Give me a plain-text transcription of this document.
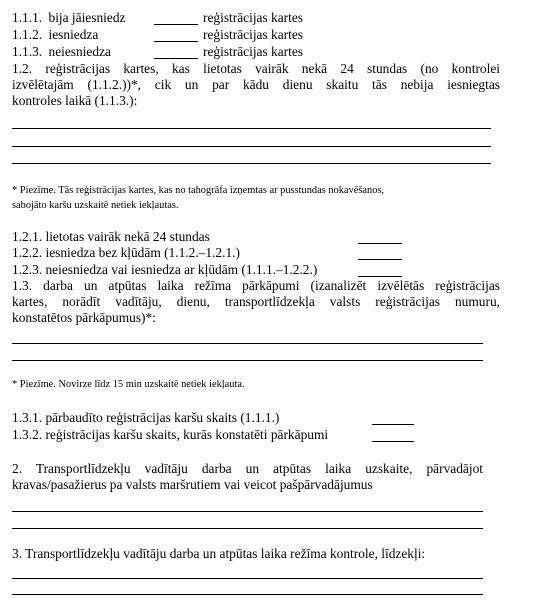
1.1.1. bija jāiesniedz	reģistrācijas kartes
1.1.2. iesniedza	reģistrācijas kartes
1.1.3. neiesniedza	reģistrācijas kartes
1.2. reģistrācijas kartes, kas lietotas vairāk nekā 24 stundas (no kontrolei
izvēlētajām (1.1.2.))*, cik un par kādu dienu skaitu tās nebija iesniegtas
kontroles laikā (1.1.3.):
* Piezīme. Tās reģistrācijas kartes, kas no tahogrāfa izņemtas ar pusstundas nokavēšanos,
sabojāto karšu uzskaitē netiek iekļautas.
1.2.1. lietotas vairāk nekā 24 stundas
1.2.2. iesniedza bez kļūdām (1.1.2.–1.2.1.)
1.2.3. neiesniedza vai iesniedza ar kļūdām (1.1.1.–1.2.2.)
1.3. darba un atpūtas laika režīma pārkāpumi (izanalizēt izvēlētās reģistrācijas
kartes, norādīt vadītāju, dienu, transportlīdzekļa valsts reģistrācijas numuru,
konstatētos pārkāpumus)*:
* Piezīme. Novirze līdz 15 min uzskaitē netiek iekļauta.
1.3.1. pārbaudīto reģistrācijas karšu skaits (1.1.1.)
1.3.2. reģistrācijas karšu skaits, kurās konstatēti pārkāpumi
2. Transportlīdzekļu vadītāju darba un atpūtas laika uzskaite, pārvadājot
kravas/pasažierus pa valsts maršrutiem vai veicot pašpārvadājumus
3. Transportlīdzekļu vadītāju darba un atpūtas laika režīma kontrole, līdzekļi:
